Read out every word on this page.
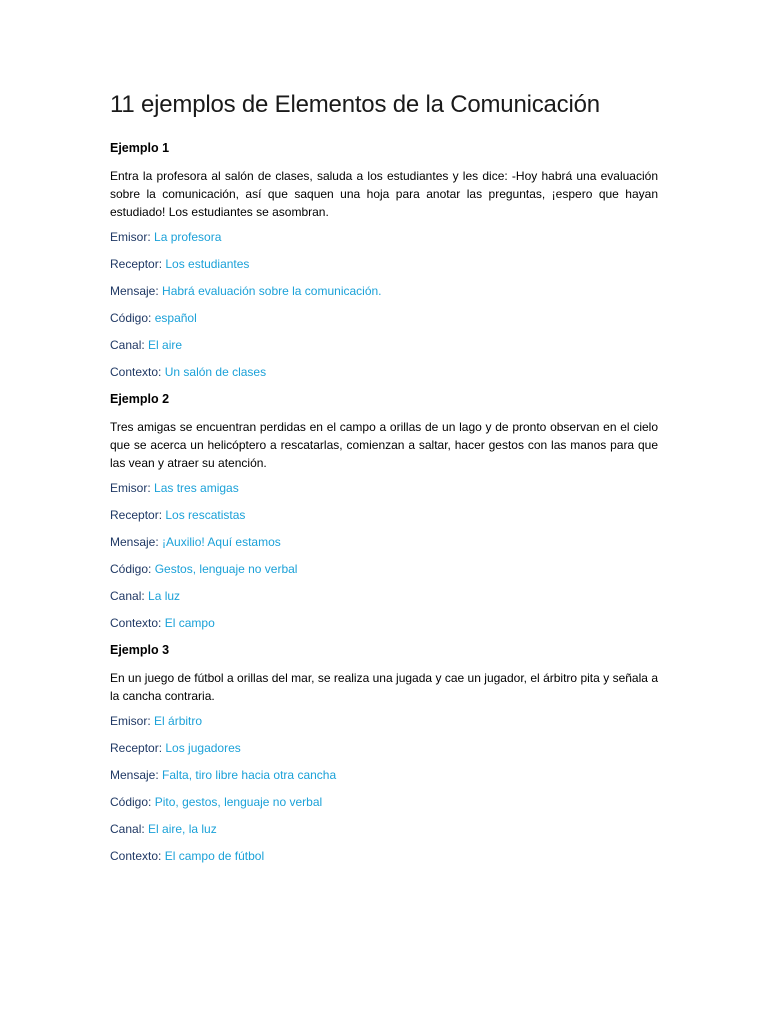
11 ejemplos de Elementos de la Comunicación
Ejemplo 1
Entra la profesora al salón de clases, saluda a los estudiantes y les dice: -Hoy habrá una evaluación sobre la comunicación, así que saquen una hoja para anotar las preguntas, ¡espero que hayan estudiado! Los estudiantes se asombran.
Emisor: La profesora
Receptor: Los estudiantes
Mensaje: Habrá evaluación sobre la comunicación.
Código: español
Canal: El aire
Contexto: Un salón de clases
Ejemplo 2
Tres amigas se encuentran perdidas en el campo a orillas de un lago y de pronto observan en el cielo que se acerca un helicóptero a rescatarlas, comienzan a saltar, hacer gestos con las manos para que las vean y atraer su atención.
Emisor: Las tres amigas
Receptor: Los rescatistas
Mensaje: ¡Auxilio! Aquí estamos
Código: Gestos, lenguaje no verbal
Canal: La luz
Contexto: El campo
Ejemplo 3
En un juego de fútbol a orillas del mar, se realiza una jugada y cae un jugador, el árbitro pita y señala a la cancha contraria.
Emisor: El árbitro
Receptor: Los jugadores
Mensaje: Falta, tiro libre hacia otra cancha
Código: Pito, gestos, lenguaje no verbal
Canal: El aire, la luz
Contexto: El campo de fútbol
